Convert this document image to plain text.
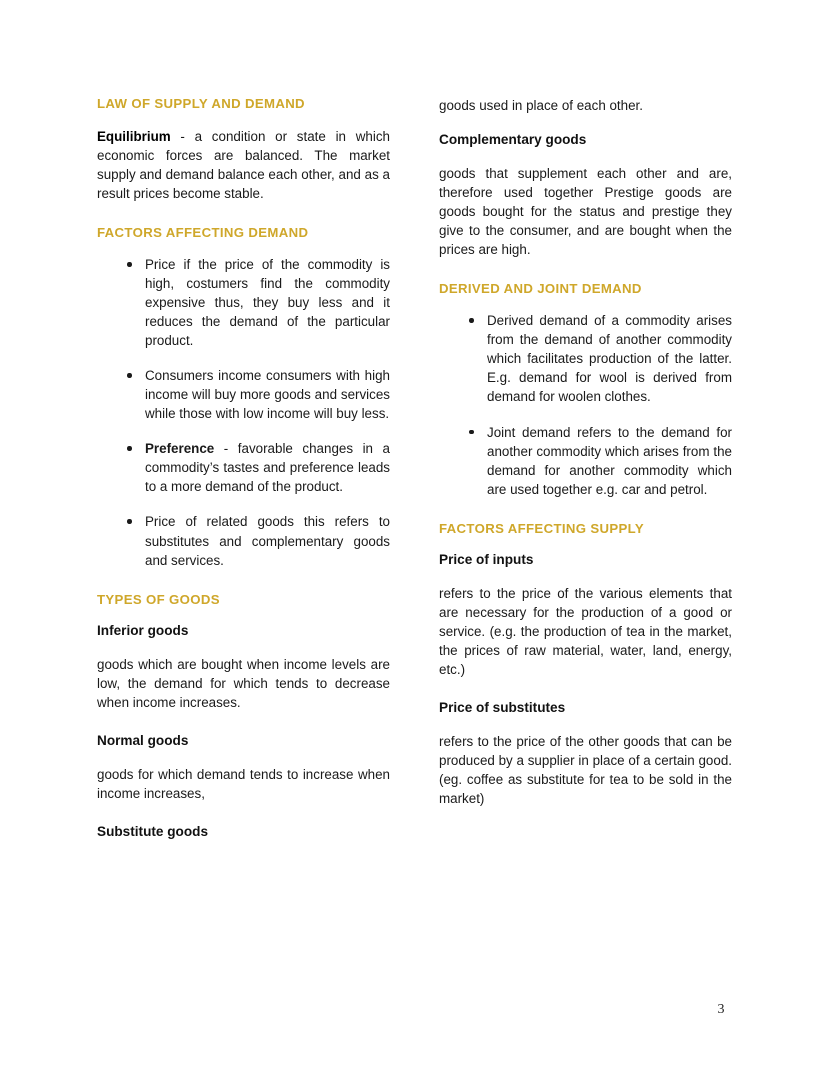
LAW OF SUPPLY AND DEMAND

Equilibrium - a condition or state in which economic forces are balanced. The market supply and demand balance each other, and as a result prices become stable.

FACTORS AFFECTING DEMAND
Price if the price of the commodity is high, costumers find the commodity expensive thus, they buy less and it reduces the demand of the particular product.
Consumers income consumers with high income will buy more goods and services while those with low income will buy less.
Preference - favorable changes in a commodity’s tastes and preference leads to a more demand of the product.
Price of related goods this refers to substitutes and complementary goods and services.
TYPES OF GOODS
Inferior goods

goods which are bought when income levels are low, the demand for which tends to decrease when income increases.

Normal goods

goods for which demand tends to increase when income increases,

Substitute goods

goods used in place of each other.

Complementary goods

goods that supplement each other and are, therefore used together Prestige goods are goods bought for the status and prestige they give to the consumer, and are bought when the prices are high.

DERIVED AND JOINT DEMAND
Derived demand of a commodity arises from the demand of another commodity which facilitates production of the latter. E.g. demand for wool is derived from demand for woolen clothes.
Joint demand refers to the demand for another commodity which arises from the demand for another commodity which are used together e.g. car and petrol.
FACTORS AFFECTING SUPPLY
Price of inputs

refers to the price of the various elements that are necessary for the production of a good or service. (e.g. the production of tea in the market, the prices of raw material, water, land, energy, etc.)

Price of substitutes

refers to the price of the other goods that can be produced by a supplier in place of a certain good. (eg. coffee as substitute for tea to be sold in the market)

3
